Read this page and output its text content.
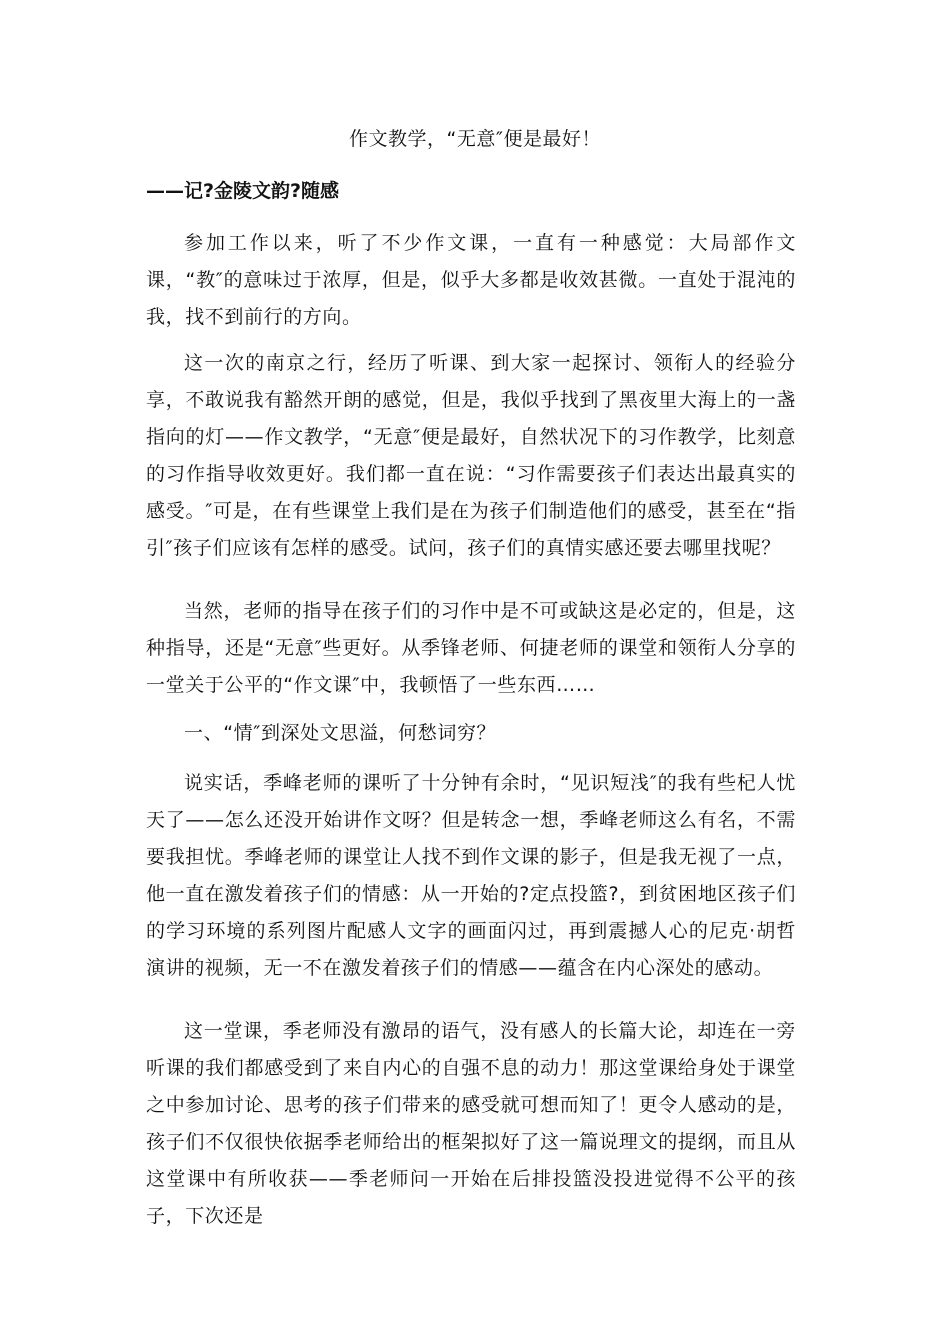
作文教学，“无意″便是最好！
——记?金陵文韵?随感

参加工作以来，听了不少作文课，一直有一种感觉：大局部作文课，“教″的意味过于浓厚，但是，似乎大多都是收效甚微。一直处于混沌的我，找不到前行的方向。

这一次的南京之行，经历了听课、到大家一起探讨、领衔人的经验分享，不敢说我有豁然开朗的感觉，但是，我似乎找到了黑夜里大海上的一盏指向的灯——作文教学，“无意″便是最好，自然状况下的习作教学，比刻意的习作指导收效更好。我们都一直在说：“习作需要孩子们表达出最真实的感受。″可是，在有些课堂上我们是在为孩子们制造他们的感受，甚至在“指引″孩子们应该有怎样的感受。试问，孩子们的真情实感还要去哪里找呢？

当然，老师的指导在孩子们的习作中是不可或缺这是必定的，但是，这种指导，还是“无意″些更好。从季锋老师、何捷老师的课堂和领衔人分享的一堂关于公平的“作文课″中，我顿悟了一些东西……

一、“情″到深处文思溢，何愁词穷？

说实话，季峰老师的课听了十分钟有余时，“见识短浅″的我有些杞人忧天了——怎么还没开始讲作文呀？但是转念一想，季峰老师这么有名，不需要我担忧。季峰老师的课堂让人找不到作文课的影子，但是我无视了一点，他一直在激发着孩子们的情感：从一开始的?定点投篮?，到贫困地区孩子们的学习环境的系列图片配感人文字的画面闪过，再到震撼人心的尼克·胡哲演讲的视频，无一不在激发着孩子们的情感——蕴含在内心深处的感动。

这一堂课，季老师没有激昂的语气，没有感人的长篇大论，却连在一旁听课的我们都感受到了来自内心的自强不息的动力！那这堂课给身处于课堂之中参加讨论、思考的孩子们带来的感受就可想而知了！更令人感动的是，孩子们不仅很快依据季老师给出的框架拟好了这一篇说理文的提纲，而且从这堂课中有所收获——季老师问一开始在后排投篮没投进觉得不公平的孩子，下次还是
